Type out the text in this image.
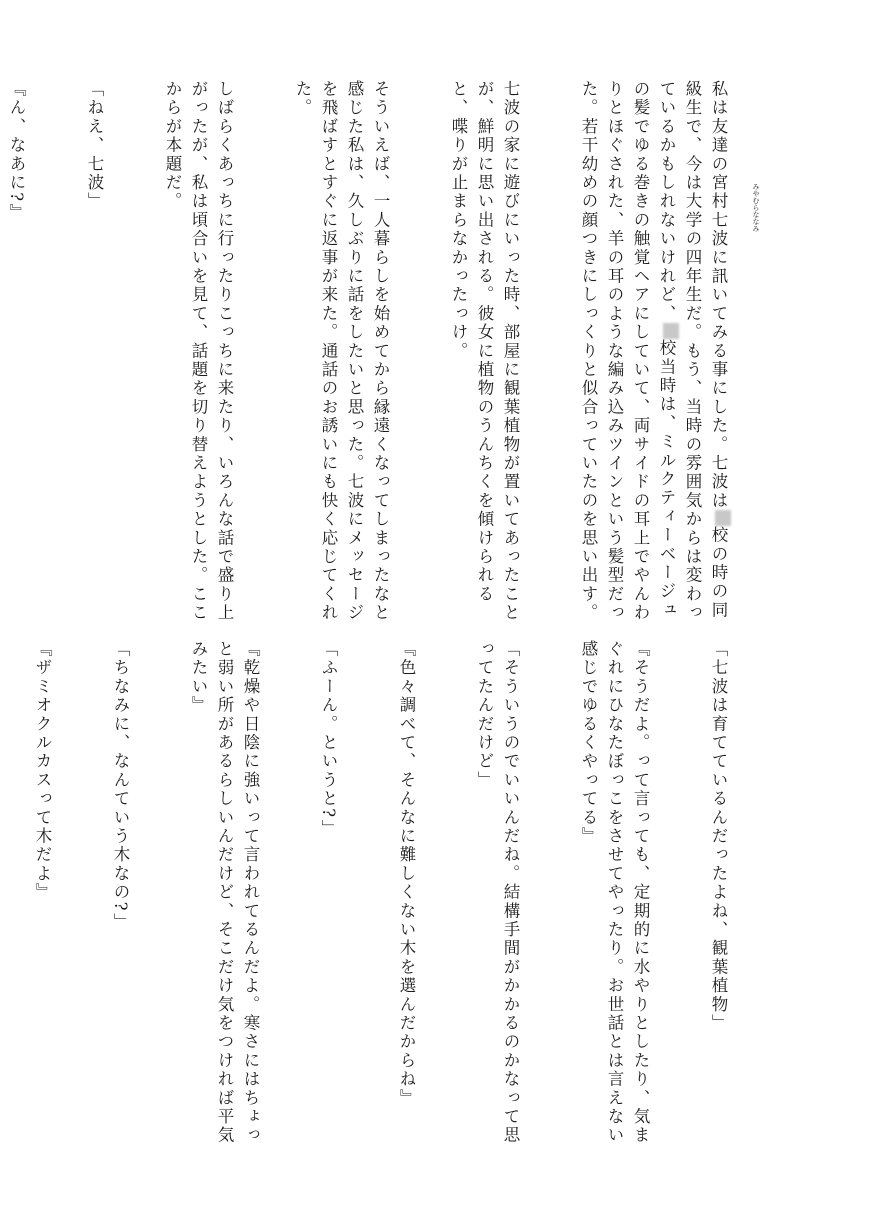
私は友達の宮村七波に訊いてみる事にした。七波は校の時の同級生で、今は大学の四年生だ。もう、当時の雰囲気からは変わっているかもしれないけれど、校当時は、ミルクティーベージュの髪でゆる巻きの触覚ヘアにしていて、両サイドの耳上でやんわりとほぐされた、羊の耳のような編み込みツインという髪型だった。若干幼めの顔つきにしっくりと似合っていたのを思い出す。

七波の家に遊びにいった時、部屋に観葉植物が置いてあったことが、鮮明に思い出される。彼女に植物のうんちくを傾けられると、喋りが止まらなかったっけ。

そういえば、一人暮らしを始めてから縁遠くなってしまったなと感じた私は、久しぶりに話をしたいと思った。七波にメッセージを飛ばすとすぐに返事が来た。通話のお誘いにも快く応じてくれた。

しばらくあっちに行ったりこっちに来たり、いろんな話で盛り上がったが、私は頃合いを見て、話題を切り替えようとした。ここからが本題だ。

「ねえ、七波」

『ん、なあに?』

「七波は育てているんだったよね、観葉植物」

『そうだよ。って言っても、定期的に水やりとしたり、気まぐれにひなたぼっこをさせてやったり。お世話とは言えない感じでゆるくやってる』

「そういうのでいいんだね。結構手間がかかるのかなって思ってたんだけど」

『色々調べて、そんなに難しくない木を選んだからね』

「ふーん。というと?」

『乾燥や日陰に強いって言われてるんだよ。寒さにはちょっと弱い所があるらしいんだけど、そこだけ気をつければ平気みたい』

「ちなみに、なんていう木なの?」

『ザミオクルカスって木だよ』

みやむらななみ
